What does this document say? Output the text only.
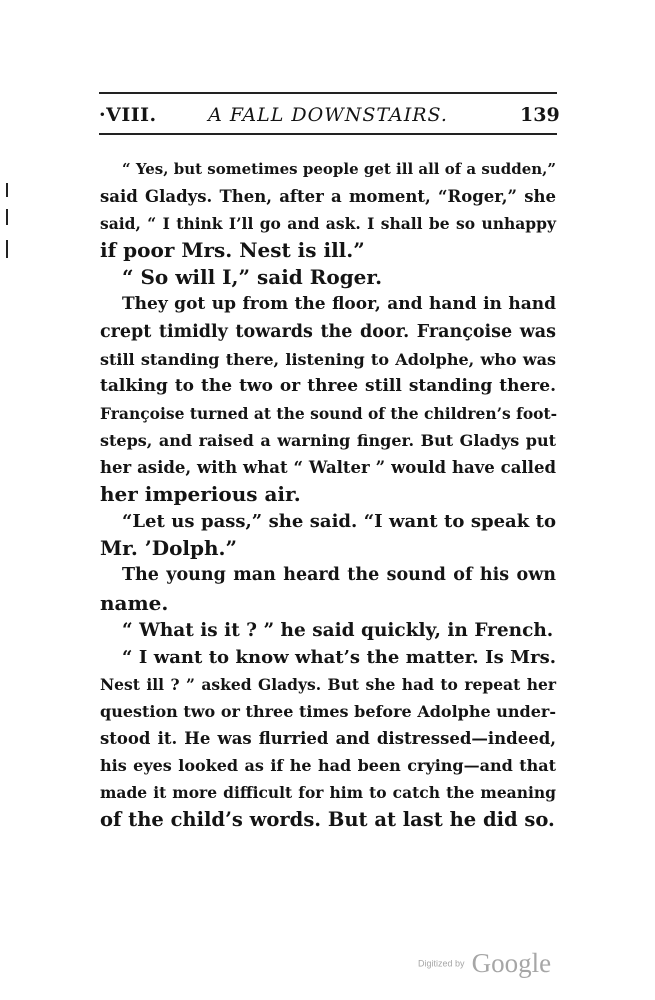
·VIII.	A FALL DOWNSTAIRS.	139
“ Yes, but sometimes people get ill all of a sudden,”
said Gladys. Then, after a moment, “Roger,” she
said, “ I think I’ll go and ask. I shall be so unhappy
if poor Mrs. Nest is ill.”
“ So will I,” said Roger.
They got up from the floor, and hand in hand
crept timidly towards the door. Françoise was
still standing there, listening to Adolphe, who was
talking to the two or three still standing there.
Françoise turned at the sound of the children’s foot-
steps, and raised a warning finger. But Gladys put
her aside, with what “ Walter ” would have called
her imperious air.
“Let us pass,” she said. “I want to speak to
Mr. ’Dolph.”
The young man heard the sound of his own
name.
“ What is it ? ” he said quickly, in French.
“ I want to know what’s the matter. Is Mrs.
Nest ill ? ” asked Gladys. But she had to repeat her
question two or three times before Adolphe under-
stood it. He was flurried and distressed—indeed,
his eyes looked as if he had been crying—and that
made it more difficult for him to catch the meaning
of the child’s words. But at last he did so.
Digitized by Google
